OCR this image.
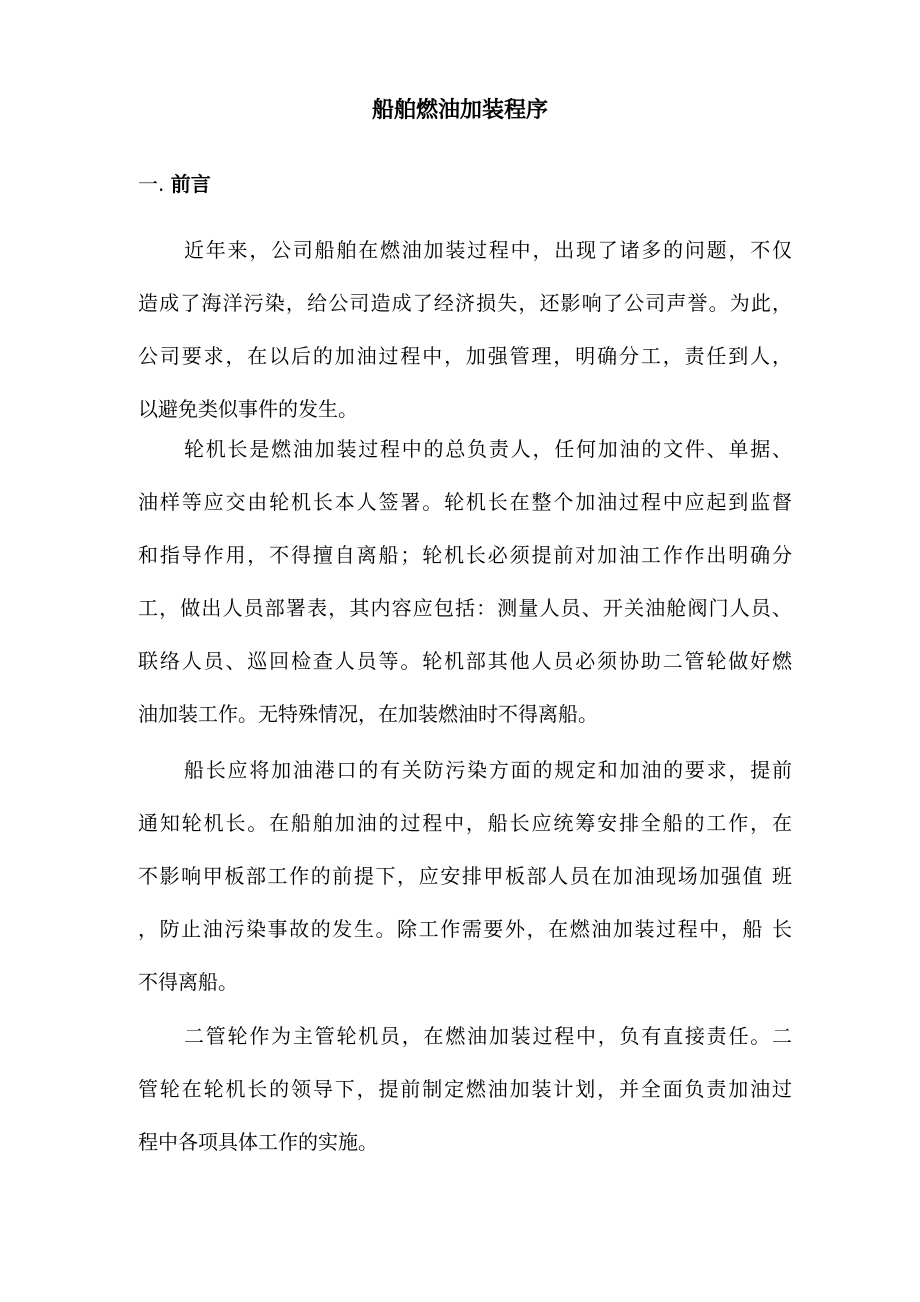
船舶燃油加装程序
一. 前言
近年来，公司船舶在燃油加装过程中，出现了诸多的问题，不仅
造成了海洋污染，给公司造成了经济损失，还影响了公司声誉。为此，
公司要求，在以后的加油过程中，加强管理，明确分工，责任到人，
以避免类似事件的发生。
轮机长是燃油加装过程中的总负责人，任何加油的文件、单据、
油样等应交由轮机长本人签署。轮机长在整个加油过程中应起到监督
和指导作用，不得擅自离船；轮机长必须提前对加油工作作出明确分
工，做出人员部署表，其内容应包括：测量人员、开关油舱阀门人员、
联络人员、巡回检查人员等。轮机部其他人员必须协助二管轮做好燃
油加装工作。无特殊情况，在加装燃油时不得离船。
船长应将加油港口的有关防污染方面的规定和加油的要求，提前
通知轮机长。在船舶加油的过程中，船长应统筹安排全船的工作，在
不影响甲板部工作的前提下，应安排甲板部人员在加油现场加强值 班
，防止油污染事故的发生。除工作需要外，在燃油加装过程中，船 长
不得离船。
二管轮作为主管轮机员，在燃油加装过程中，负有直接责任。二
管轮在轮机长的领导下，提前制定燃油加装计划，并全面负责加油过
程中各项具体工作的实施。
